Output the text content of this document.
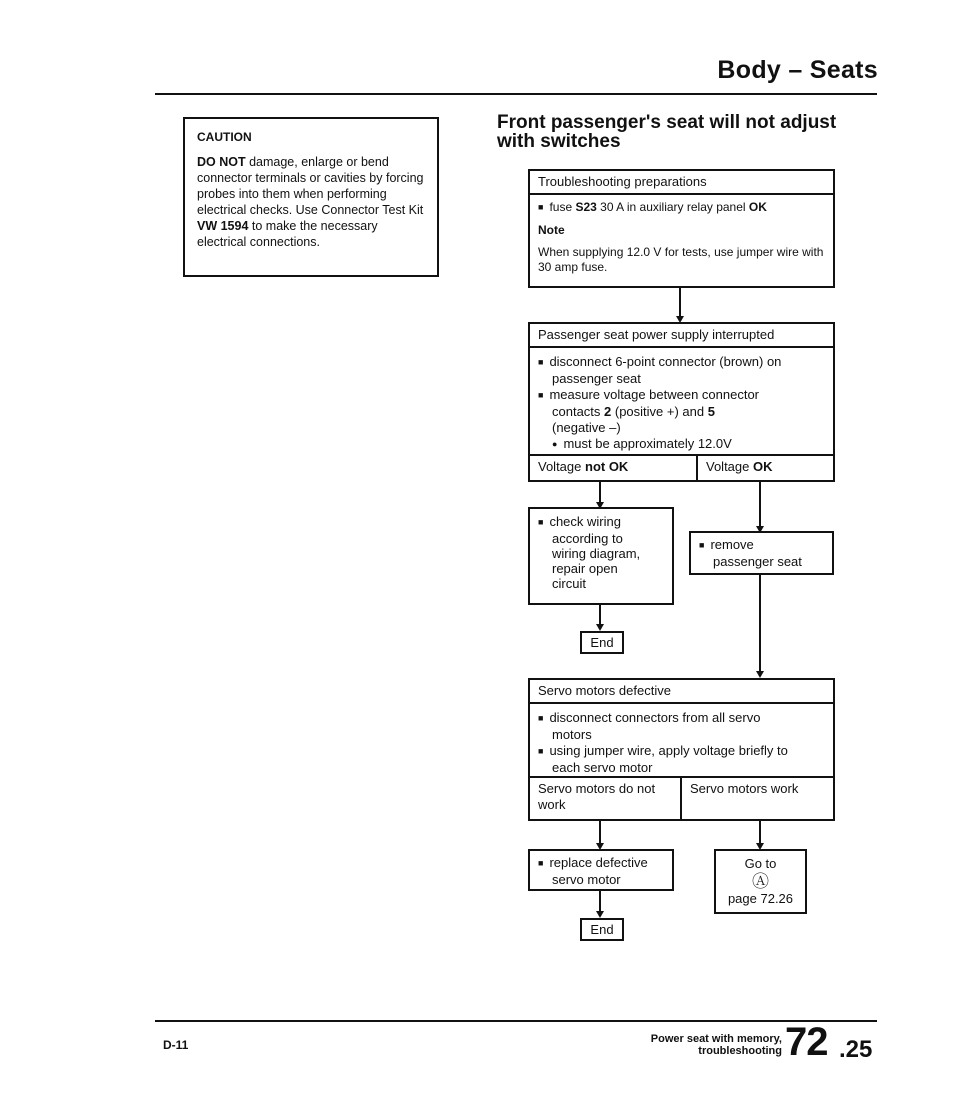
Body – Seats
CAUTION
DO NOT damage, enlarge or bend connector terminals or cavities by forcing probes into them when performing electrical checks. Use Connector Test Kit VW 1594 to make the necessary electrical connections.
Front passenger's seat will not adjust with switches
Troubleshooting preparations
■ fuse S23 30 A in auxiliary relay panel OK
Note
When supplying 12.0 V for tests, use jumper wire with 30 amp fuse.
Passenger seat power supply interrupted
■ disconnect 6-point connector (brown) on
passenger seat
■ measure voltage between connector
contacts 2 (positive +) and 5
(negative –)
● must be approximately 12.0V
Voltage not OK	Voltage OK
■ check wiring
according to
wiring diagram,
repair open
circuit
End
■ remove
passenger seat
Servo motors defective
■ disconnect connectors from all servo
motors
■ using jumper wire, apply voltage briefly to
each servo motor
Servo motors do not work
Servo motors work
■ replace defective
servo motor
End
Go to
Ⓐ
page 72.26
D-11	Power seat with memory,
troubleshooting 72 .25
